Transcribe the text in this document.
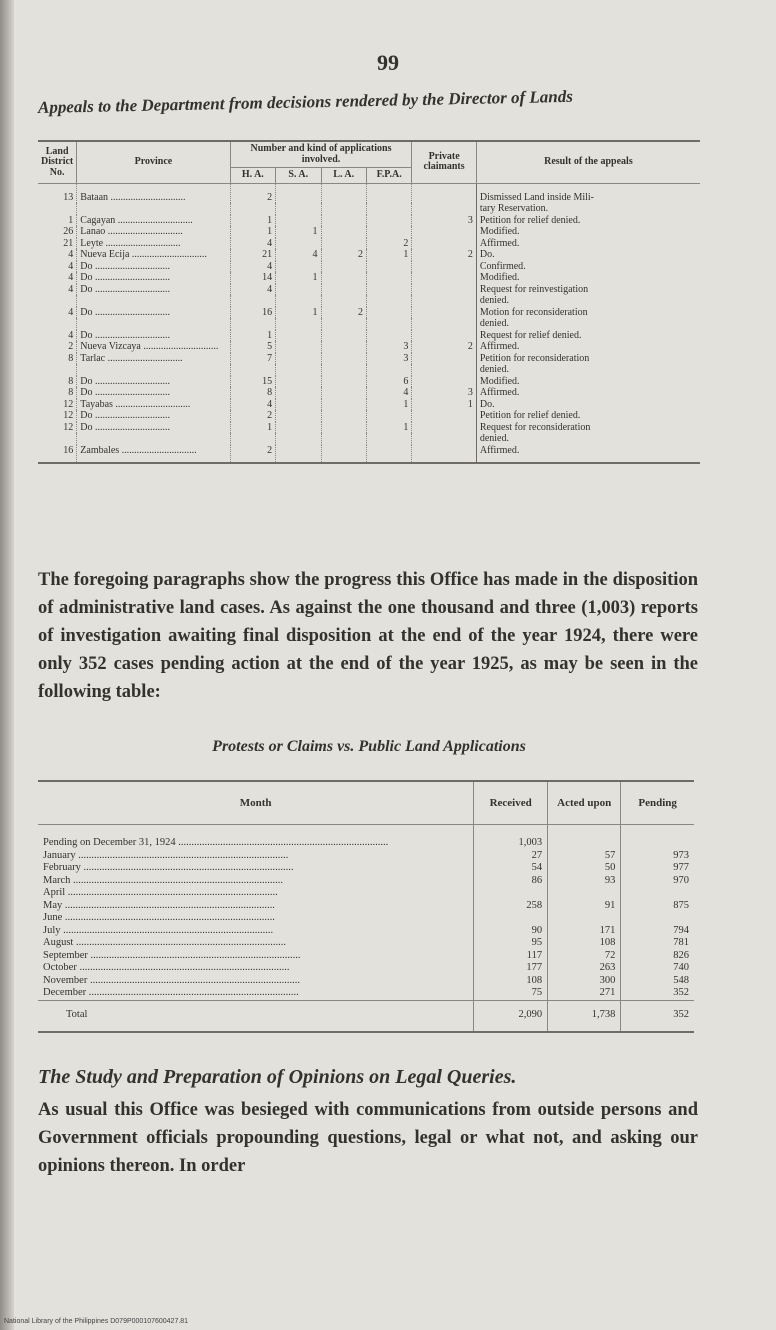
99
Appeals to the Department from decisions rendered by the Director of Lands
Land District No.	Province	Number and kind of applications involved.				Private claimants	Result of the appeals
		H. A.	S. A.	L. A.	F.P.A.		
13	Bataan ..............................	2					Dismissed Land inside Mili-
							tary Reservation.
1	Cagayan ..............................	1				3	Petition for relief denied.
26	Lanao ..............................	1	1				Modified.
21	Leyte ..............................	4			2		Affirmed.
4	Nueva Ecija ..............................	21	4	2	1	2	Do.
4	Do ..............................	4					Confirmed.
4	Do ..............................	14	1				Modified.
4	Do ..............................	4					Request for reinvestigation
							denied.
4	Do ..............................	16	1	2			Motion for reconsideration
							denied.
4	Do ..............................	1					Request for relief denied.
2	Nueva Vizcaya ..............................	5			3	2	Affirmed.
8	Tarlac ..............................	7			3		Petition for reconsideration
							denied.
8	Do ..............................	15			6		Modified.
8	Do ..............................	8			4	3	Affirmed.
12	Tayabas ..............................	4			1	1	Do.
12	Do ..............................	2					Petition for relief denied.
12	Do ..............................	1			1		Request for reconsideration
							denied.
16	Zambales ..............................	2					Affirmed.
The foregoing paragraphs show the progress this Office has made in the disposition of administrative land cases. As against the one thousand and three (1,003) reports of investigation awaiting final disposition at the end of the year 1924, there were only 352 cases pending action at the end of the year 1925, as may be seen in the following table:
Protests or Claims vs. Public Land Applications
Month	Received	Acted upon	Pending
Pending on December 31, 1924 ................................................................................	1,003		
January ................................................................................	27	57	973
February ................................................................................	54	50	977
March ................................................................................	86	93	970
April ................................................................................			
May ................................................................................	258	91	875
June ................................................................................			
July ................................................................................	90	171	794
August ................................................................................	95	108	781
September ................................................................................	117	72	826
October ................................................................................	177	263	740
November ................................................................................	108	300	548
December ................................................................................	75	271	352
Total	2,090	1,738	352
The Study and Preparation of Opinions on Legal Queries.
As usual this Office was besieged with communications from outside persons and Government officials propounding questions, legal or what not, and asking our opinions thereon. In order
National Library of the Philippines D079P000107600427.81
